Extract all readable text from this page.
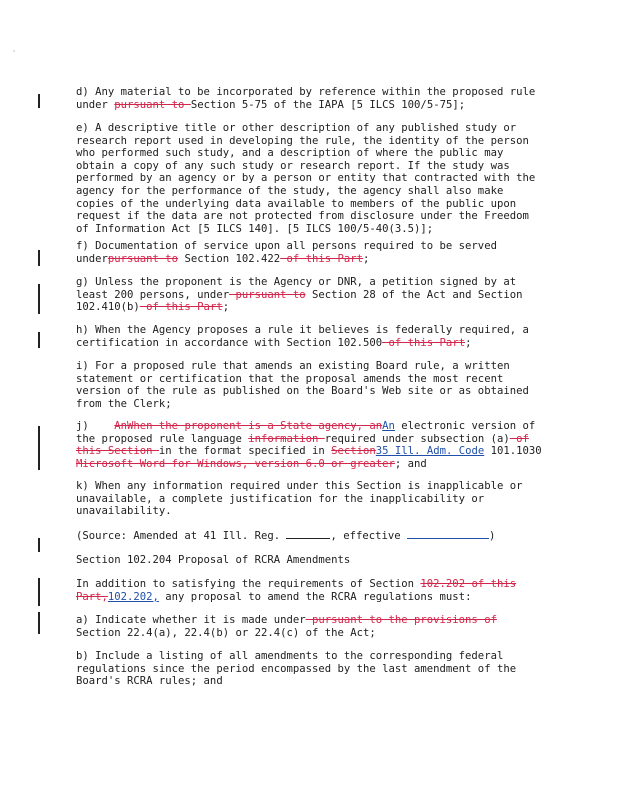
d) Any material to be incorporated by reference within the proposed rule under pursuant to Section 5-75 of the IAPA [5 ILCS 100/5-75];

e) A descriptive title or other description of any published study or research report used in developing the rule, the identity of the person who performed such study, and a description of where the public may obtain a copy of any such study or research report. If the study was performed by an agency or by a person or entity that contracted with the agency for the performance of the study, the agency shall also make copies of the underlying data available to members of the public upon request if the data are not protected from disclosure under the Freedom of Information Act [5 ILCS 140]. [5 ILCS 100/5-40(3.5)];

f) Documentation of service upon all persons required to be served underpursuant to Section 102.422 of this Part;

g) Unless the proponent is the Agency or DNR, a petition signed by at least 200 persons, under pursuant to Section 28 of the Act and Section 102.410(b) of this Part;

h) When the Agency proposes a rule it believes is federally required, a certification in accordance with Section 102.500 of this Part;

i) For a proposed rule that amends an existing Board rule, a written statement or certification that the proposal amends the most recent version of the rule as published on the Board's Web site or as obtained from the Clerk;

j)    AnWhen the proponent is a State agency, anAn electronic version of the proposed rule language information required under subsection (a) of this Section in the format specified in Section35 Ill. Adm. Code 101.1030 Microsoft Word for Windows, version 6.0 or greater; and

k) When any information required under this Section is inapplicable or unavailable, a complete justification for the inapplicability or unavailability.

(Source: Amended at 41 Ill. Reg.	, effective	)

Section 102.204 Proposal of RCRA Amendments

In addition to satisfying the requirements of Section 102.202 of this Part,102.202, any proposal to amend the RCRA regulations must:

a) Indicate whether it is made under pursuant to the provisions of Section 22.4(a), 22.4(b) or 22.4(c) of the Act;

b) Include a listing of all amendments to the corresponding federal regulations since the period encompassed by the last amendment of the Board's RCRA rules; and
